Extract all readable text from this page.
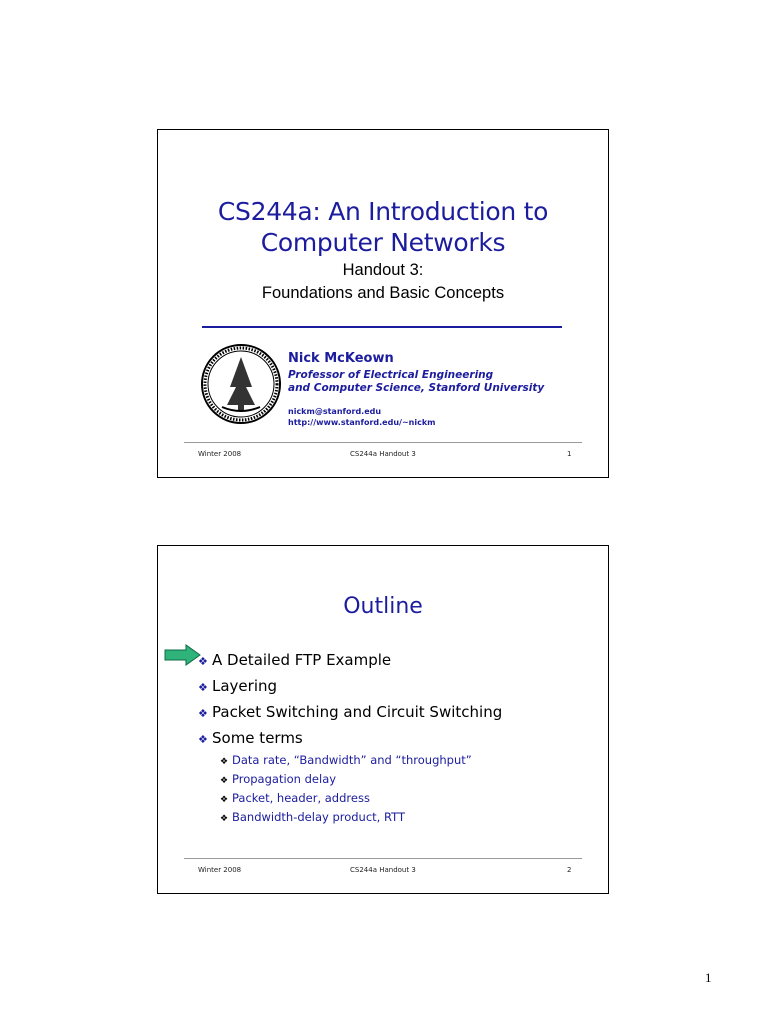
CS244a: An Introduction to
Computer Networks
Handout 3:
Foundations and Basic Concepts
Nick McKeown
Professor of Electrical Engineering
and Computer Science, Stanford University
nickm@stanford.edu
http://www.stanford.edu/~nickm
Winter 2008	CS244a Handout 3	1
Outline
❖ A Detailed FTP Example
❖ Layering
❖ Packet Switching and Circuit Switching
❖ Some terms
❖ Data rate, “Bandwidth” and “throughput”
❖ Propagation delay
❖ Packet, header, address
❖ Bandwidth-delay product, RTT
Winter 2008	CS244a Handout 3	2
1
